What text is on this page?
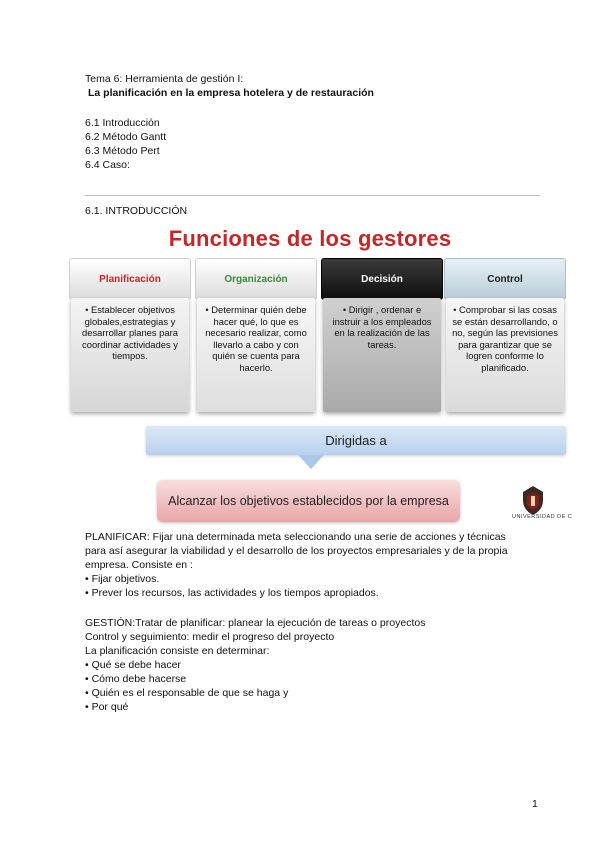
Tema 6: Herramienta de gestión I:
La planificación en la empresa hotelera y de restauración
6.1 Introducción
6.2 Método Gantt
6.3 Método Pert
6.4 Caso:
6.1. INTRODUCCIÓN
Funciones de los gestores
Planificación
• Establecer objetivos globales,estrategias y desarrollar planes para coordinar actividades y tiempos.
Organización
• Determinar quién debe hacer qué, lo que es necesario realizar, como llevarlo a cabo y con quién se cuenta para hacerlo.
Decisión
• Dirigir , ordenar e instruir a los empleados en la realización de las tareas.
Control
• Comprobar si las cosas se están desarrollando, o no, según las previsiones para garantizar que se logren conforme lo planificado.
Dirigidas a
Alcanzar los objetivos establecidos por la empresa
UNIVERSIDAD DE C
PLANIFICAR: Fijar una determinada meta seleccionando una serie de acciones y técnicas
para así asegurar la viabilidad y el desarrollo de los proyectos empresariales y de la propia
empresa. Consiste en :
• Fijar objetivos.
• Prever los recursos, las actividades y los tiempos apropiados.
GESTIÓN:Tratar de planificar: planear la ejecución de tareas o proyectos
Control y seguimiento: medir el progreso del proyecto
La planificación consiste en determinar:
• Qué se debe hacer
• Cómo debe hacerse
• Quién es el responsable de que se haga y
• Por qué
1
